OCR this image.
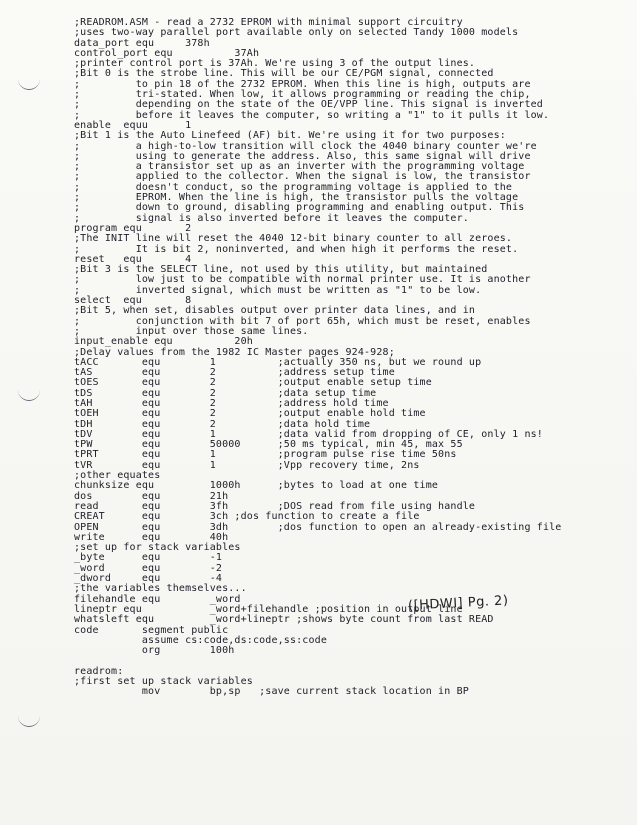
;READROM.ASM - read a 2732 EPROM with minimal support circuitry
;uses two-way parallel port available only on selected Tandy 1000 models
data_port equ     378h
control_port equ          37Ah
;printer control port is 37Ah. We're using 3 of the output lines.
;Bit 0 is the strobe line. This will be our CE/PGM signal, connected
;         to pin 18 of the 2732 EPROM. When this line is high, outputs are
;         tri-stated. When low, it allows programming or reading the chip,
;         depending on the state of the OE/VPP line. This signal is inverted
;         before it leaves the computer, so writing a "1" to it pulls it low.
enable  equu      1
;Bit 1 is the Auto Linefeed (AF) bit. We're using it for two purposes:
;         a high-to-low transition will clock the 4040 binary counter we're
;         using to generate the address. Also, this same signal will drive
;         a transistor set up as an inverter with the programming voltage
;         applied to the collector. When the signal is low, the transistor
;         doesn't conduct, so the programming voltage is applied to the
;         EPROM. When the line is high, the transistor pulls the voltage
;         down to ground, disabling programming and enabling output. This
;         signal is also inverted before it leaves the computer.
program equ       2
;The INIT line will reset the 4040 12-bit binary counter to all zeroes.
;         It is bit 2, noninverted, and when high it performs the reset.
reset   equ       4
;Bit 3 is the SELECT line, not used by this utility, but maintained
;         low just to be compatible with normal printer use. It is another
;         inverted signal, which must be written as "1" to be low.
select  equ       8
;Bit 5, when set, disables output over printer data lines, and in
;         conjunction with bit 7 of port 65h, which must be reset, enables
;         input over those same lines.
input_enable equ          20h
;Delay values from the 1982 IC Master pages 924-928;
tACC       equ        1          ;actually 350 ns, but we round up
tAS        equ        2          ;address setup time
tOES       equ        2          ;output enable setup time
tDS        equ        2          ;data setup time
tAH        equ        2          ;address hold time
tOEH       equ        2          ;output enable hold time
tDH        equ        2          ;data hold time
tDV        equ        1          ;data valid from dropping of CE, only 1 ns!
tPW        equ        50000      ;50 ms typical, min 45, max 55
tPRT       equ        1          ;program pulse rise time 50ns
tVR        equ        1          ;Vpp recovery time, 2ns
;other equates
chunksize equ         1000h      ;bytes to load at one time
dos        equ        21h
read       equ        3fh        ;DOS read from file using handle
CREAT      equ        3ch ;dos function to create a file
OPEN       equ        3dh        ;dos function to open an already-existing file
write      equ        40h
;set up for stack variables
_byte      equ        -1
_word      equ        -2
_dword     equ        -4
;the variables themselves...
filehandle equ        _word
lineptr equ           _word+filehandle ;position in output line
whatsleft equ         _word+lineptr ;shows byte count from last READ
code       segment public
assume cs:code,ds:code,ss:code
org        100h
readrom:
;first set up stack variables
mov        bp,sp   ;save current stack location in BP
([HDWI] Pg. 2)
